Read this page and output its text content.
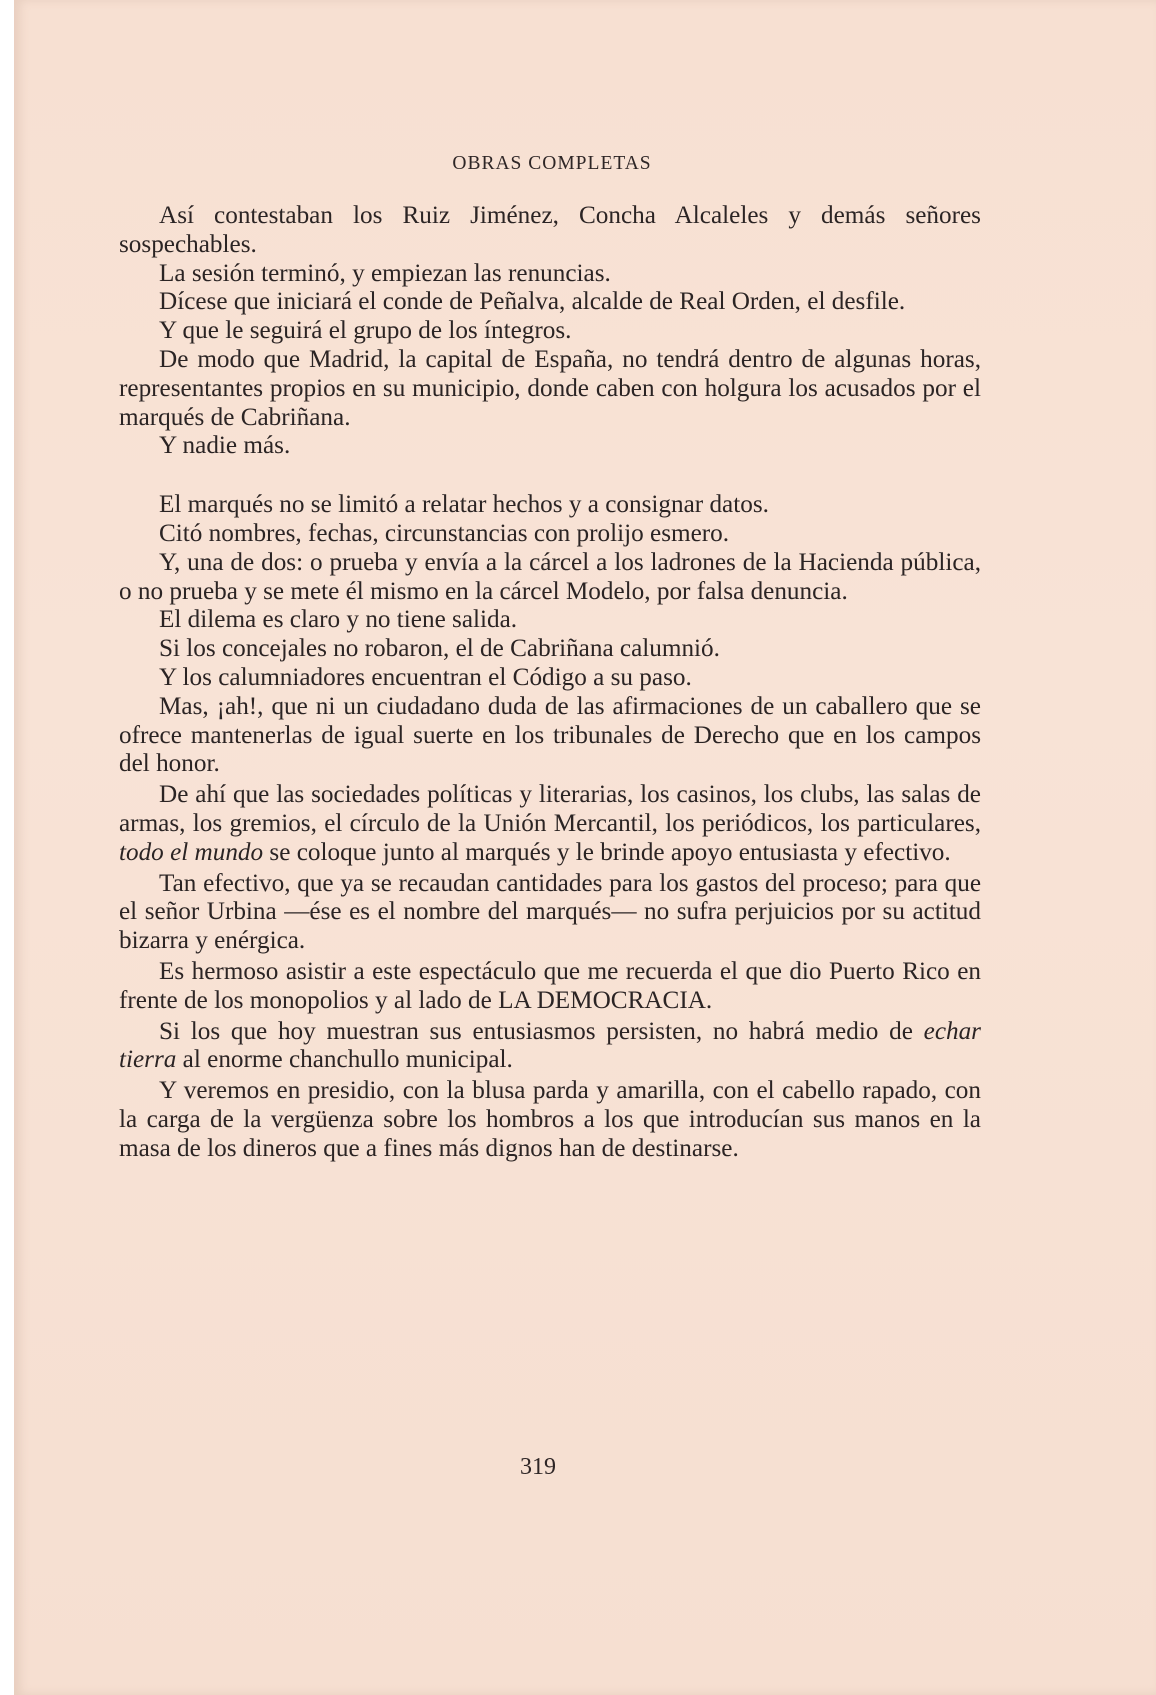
OBRAS COMPLETAS

Así contestaban los Ruiz Jiménez, Concha Alcaleles y demás señores sospechables.

La sesión terminó, y empiezan las renuncias.

Dícese que iniciará el conde de Peñalva, alcalde de Real Orden, el desfile.

Y que le seguirá el grupo de los íntegros.

De modo que Madrid, la capital de España, no tendrá dentro de algunas horas, representantes propios en su municipio, donde caben con holgura los acusados por el marqués de Cabriñana.

Y nadie más.

El marqués no se limitó a relatar hechos y a consignar datos.

Citó nombres, fechas, circunstancias con prolijo esmero.

Y, una de dos: o prueba y envía a la cárcel a los ladrones de la Hacienda pública, o no prueba y se mete él mismo en la cárcel Modelo, por falsa denuncia.

El dilema es claro y no tiene salida.

Si los concejales no robaron, el de Cabriñana calumnió.

Y los calumniadores encuentran el Código a su paso.

Mas, ¡ah!, que ni un ciudadano duda de las afirmaciones de un caballero que se ofrece mantenerlas de igual suerte en los tribunales de Derecho que en los campos del honor.

De ahí que las sociedades políticas y literarias, los casinos, los clubs, las salas de armas, los gremios, el círculo de la Unión Mercantil, los periódicos, los particulares, todo el mundo se coloque junto al marqués y le brinde apoyo entusiasta y efectivo.

Tan efectivo, que ya se recaudan cantidades para los gastos del proceso; para que el señor Urbina —ése es el nombre del marqués— no sufra perjuicios por su actitud bizarra y enérgica.

Es hermoso asistir a este espectáculo que me recuerda el que dio Puerto Rico en frente de los monopolios y al lado de LA DEMOCRACIA.

Si los que hoy muestran sus entusiasmos persisten, no habrá medio de echar tierra al enorme chanchullo municipal.

Y veremos en presidio, con la blusa parda y amarilla, con el cabello rapado, con la carga de la vergüenza sobre los hombros a los que introducían sus manos en la masa de los dineros que a fines más dignos han de destinarse.

319
